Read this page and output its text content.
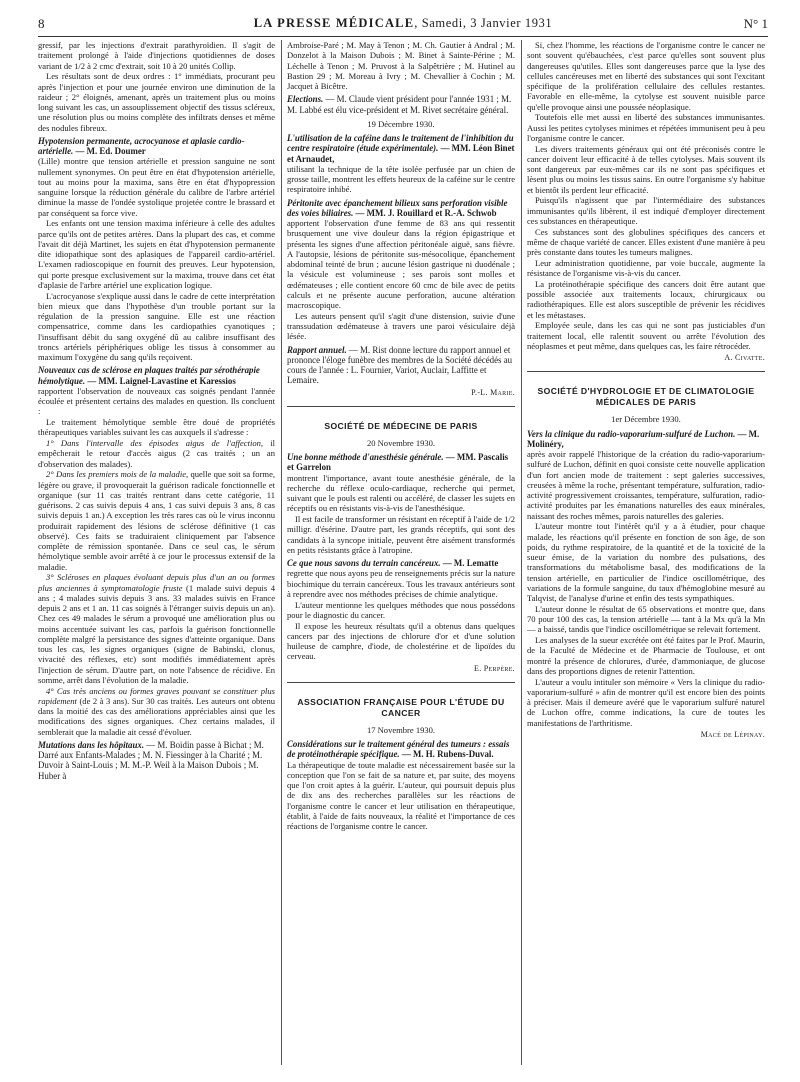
8	LA PRESSE MÉDICALE, Samedi, 3 Janvier 1931	N° 1

gressif, par les injections d'extrait parathyroïdien. Il s'agit de traitement prolongé à l'aide d'injections quotidiennes de doses variant de 1/2 à 2 cmc d'extrait, soit 10 à 20 unités Collip.

Les résultats sont de deux ordres : 1° immédiats, procurant peu après l'injection et pour une journée environ une diminution de la raideur ; 2° éloignés, amenant, après un traitement plus ou moins long suivant les cas, un assouplissement objectif des tissus scléreux, une résolution plus ou moins complète des infiltrats denses et même des nodules fibreux.

Hypotension permanente, acrocyanose et aplasie cardio-artérielle. — M. Ed. Doumer

(Lille) montre que tension artérielle et pression sanguine ne sont nullement synonymes. On peut être en état d'hypotension artérielle, tout au moins pour la maxima, sans être en état d'hypopression sanguine lorsque la réduction générale du calibre de l'arbre artériel diminue la masse de l'ondée systolique projetée contre le brassard et par conséquent sa force vive.

Les enfants ont une tension maxima inférieure à celle des adultes parce qu'ils ont de petites artères. Dans la plupart des cas, et comme l'avait dit déjà Martinet, les sujets en état d'hypotension permanente dite idiopathique sont des aplasiques de l'appareil cardio-artériel. L'examen radioscopique en fournit des preuves. Leur hypotension, qui porte presque exclusivement sur la maxima, trouve dans cet état d'aplasie de l'arbre artériel une explication logique.

L'acrocyanose s'explique aussi dans le cadre de cette interprétation bien mieux que dans l'hypothèse d'un trouble portant sur la régulation de la pression sanguine. Elle est une réaction compensatrice, comme dans les cardiopathies cyanotiques ; l'insuffisant débit du sang oxygéné dû au calibre insuffisant des troncs artériels périphériques oblige les tissus à consommer au maximum l'oxygène du sang qu'ils reçoivent.

Nouveaux cas de sclérose en plaques traités par sérothérapie hémolytique. — MM. Laignel-Lavastine et Karessios

rapportent l'observation de nouveaux cas soignés pendant l'année écoulée et présentent certains des malades en question. Ils concluent :

Le traitement hémolytique semble être doué de propriétés thérapeutiques variables suivant les cas auxquels il s'adresse :

1° Dans l'intervalle des épisodes aigus de l'affection, il empêcherait le retour d'accès aigus (2 cas traités ; un an d'observation des malades).

2° Dans les premiers mois de la maladie, quelle que soit sa forme, légère ou grave, il provoquerait la guérison radicale fonctionnelle et organique (sur 11 cas traités rentrant dans cette catégorie, 11 guérisons. 2 cas suivis depuis 4 ans, 1 cas suivi depuis 3 ans, 8 cas suivis depuis 1 an.) A exception les très rares cas où le virus inconnu produirait rapidement des lésions de sclérose définitive (1 cas observé). Ces faits se traduiraient cliniquement par l'absence complète de rémission spontanée. Dans ce seul cas, le sérum hémolytique semble avoir arrêté à ce jour le processus extensif de la maladie.

3° Scléroses en plaques évoluant depuis plus d'un an ou formes plus anciennes à symptomatologie fruste (1 malade suivi depuis 4 ans ; 4 malades suivis depuis 3 ans. 33 malades suivis en France depuis 2 ans et 1 an. 11 cas soignés à l'étranger suivis depuis un an). Chez ces 49 malades le sérum a provoqué une amélioration plus ou moins accentuée suivant les cas, parfois la guérison fonctionnelle complète malgré la persistance des signes d'atteinte organique. Dans tous les cas, les signes organiques (signe de Babinski, clonus, vivacité des réflexes, etc) sont modifiés immédiatement après l'injection de sérum. D'autre part, on note l'absence de récidive. En somme, arrêt dans l'évolution de la maladie.

4° Cas très anciens ou formes graves pouvant se constituer plus rapidement (de 2 à 3 ans). Sur 30 cas traités. Les auteurs ont obtenu dans la moitié des cas des améliorations appréciables ainsi que les modifications des signes organiques. Chez certains malades, il semblerait que la maladie ait cessé d'évoluer.

Mutations dans les hôpitaux. — M. Boidin passe à Bichat ; M. Darré aux Enfants-Malades ; M. N. Fiessinger à la Charité ; M. Duvoir à Saint-Louis ; M. M.-P. Weil à la Maison Dubois ; M. Huber à

Ambroise-Paré ; M. May à Tenon ; M. Ch. Gautier à Andral ; M. Donzelot à la Maison Dubois ; M. Binet à Sainte-Périne ; M. Léchelle à Tenon ; M. Pruvost à la Salpêtrière ; M. Hutinel au Bastion 29 ; M. Moreau à Ivry ; M. Chevallier à Cochin ; M. Jacquet à Bicêtre.

Elections. — M. Claude vient président pour l'année 1931 ; M. M. Labbé est élu vice-président et M. Rivet secrétaire général.

19 Décembre 1930.

L'utilisation de la caféine dans le traitement de l'inhibition du centre respiratoire (étude expérimentale). — MM. Léon Binet et Arnaudet,

utilisant la technique de la tête isolée perfusée par un chien de grosse taille, montrent les effets heureux de la caféine sur le centre respiratoire inhibé.

Péritonite avec épanchement bilieux sans perforation visible des voies biliaires. — MM. J. Rouillard et R.-A. Schwob

apportent l'observation d'une femme de 83 ans qui ressentit brusquement une vive douleur dans la région épigastrique et présenta les signes d'une affection péritonéale aiguë, sans fièvre. A l'autopsie, lésions de péritonite sus-mésocolique, épanchement abdominal teinté de brun ; aucune lésion gastrique ni duodénale ; la vésicule est volumineuse ; ses parois sont molles et œdémateuses ; elle contient encore 60 cmc de bile avec de petits calculs et ne présente aucune perforation, aucune altération macroscopique.

Les auteurs pensent qu'il s'agit d'une distension, suivie d'une transsudation œdémateuse à travers une paroi vésiculaire déjà lésée.

Rapport annuel. — M. Rist donne lecture du rapport annuel et prononce l'éloge funèbre des membres de la Société décédés au cours de l'année : L. Fournier, Variot, Auclair, Laffitte et Lemaire.

P.-L. Marie.

SOCIÉTÉ DE MÉDECINE DE PARIS

20 Novembre 1930.

Une bonne méthode d'anesthésie générale. — MM. Pascalis et Garrelon

montrent l'importance, avant toute anesthésie générale, de la recherche du réflexe oculo-cardiaque, recherche qui permet, suivant que le pouls est ralenti ou accéléré, de classer les sujets en réceptifs ou en résistants vis-à-vis de l'anesthésique.

Il est facile de transformer un résistant en réceptif à l'aide de 1/2 milligr. d'ésérine. D'autre part, les grands réceptifs, qui sont des candidats à la syncope initiale, peuvent être aisément transformés en petits résistants grâce à l'atropine.

Ce que nous savons du terrain cancéreux. — M. Lematte

regrette que nous ayons peu de renseignements précis sur la nature biochimique du terrain cancéreux. Tous les travaux antérieurs sont à reprendre avec nos méthodes précises de chimie analytique.

L'auteur mentionne les quelques méthodes que nous possédons pour le diagnostic du cancer.

Il expose les heureux résultats qu'il a obtenus dans quelques cancers par des injections de chlorure d'or et d'une solution huileuse de camphre, d'iode, de cholestérine et de lipoïdes du cerveau.

E. Perpère.

ASSOCIATION FRANÇAISE POUR L'ÉTUDE DU CANCER

17 Novembre 1930.

Considérations sur le traitement général des tumeurs : essais de protéinothérapie spécifique. — M. H. Rubens-Duval.

La thérapeutique de toute maladie est nécessairement basée sur la conception que l'on se fait de sa nature et, par suite, des moyens que l'on croit aptes à la guérir. L'auteur, qui poursuit depuis plus de dix ans des recherches parallèles sur les réactions de l'organisme contre le cancer et leur utilisation en thérapeutique, établit, à l'aide de faits nouveaux, la réalité et l'importance de ces réactions de l'organisme contre le cancer.

Si, chez l'homme, les réactions de l'organisme contre le cancer ne sont souvent qu'ébauchées, c'est parce qu'elles sont souvent plus dangereuses qu'utiles. Elles sont dangereuses parce que la lyse des cellules cancéreuses met en liberté des substances qui sont l'excitant spécifique de la prolifération cellulaire des cellules restantes. Favorable en elle-même, la cytolyse est souvent nuisible parce qu'elle provoque ainsi une poussée néoplasique.

Toutefois elle met aussi en liberté des substances immunisantes. Aussi les petites cytolyses minimes et répétées immunisent peu à peu l'organisme contre le cancer.

Les divers traitements généraux qui ont été préconisés contre le cancer doivent leur efficacité à de telles cytolyses. Mais souvent ils sont dangereux par eux-mêmes car ils ne sont pas spécifiques et lèsent plus ou moins les tissus sains. En outre l'organisme s'y habitue et bientôt ils perdent leur efficacité.

Puisqu'ils n'agissent que par l'intermédiaire des substances immunisantes qu'ils libèrent, il est indiqué d'employer directement ces substances en thérapeutique.

Ces substances sont des globulines spécifiques des cancers et même de chaque variété de cancer. Elles existent d'une manière à peu près constante dans toutes les tumeurs malignes.

Leur administration quotidienne, par voie buccale, augmente la résistance de l'organisme vis-à-vis du cancer.

La protéinothérapie spécifique des cancers doit être autant que possible associée aux traitements locaux, chirurgicaux ou radiothérapiques. Elle est alors susceptible de prévenir les récidives et les métastases.

Employée seule, dans les cas qui ne sont pas justiciables d'un traitement local, elle ralentit souvent ou arrête l'évolution des néoplasmes et peut même, dans quelques cas, les faire rétrocéder.

A. Civatte.

SOCIÉTÉ D'HYDROLOGIE ET DE CLIMATOLOGIE MÉDICALES DE PARIS

1er Décembre 1930.

Vers la clinique du radio-vaporarium-sulfuré de Luchon. — M. Molinéry,

après avoir rappelé l'historique de la création du radio-vaporarium-sulfuré de Luchon, définit en quoi consiste cette nouvelle application d'un fort ancien mode de traitement : sept galeries successives, creusées à même la roche, présentant température, sulfuration, radio-activité progressivement croissantes, température, sulfuration, radio-activité produites par les émanations naturelles des eaux minérales, naissant des roches mêmes, parois naturelles des galeries.

L'auteur montre tout l'intérêt qu'il y a à étudier, pour chaque malade, les réactions qu'il présente en fonction de son âge, de son poids, du rythme respiratoire, de la quantité et de la toxicité de la sueur émise, de la variation du nombre des pulsations, des transformations du métabolisme basal, des modifications de la tension artérielle, en particulier de l'indice oscillométrique, des variations de la formule sanguine, du taux d'hémoglobine mesuré au Talqvist, de l'analyse d'urine et enfin des tests sympathiques.

L'auteur donne le résultat de 65 observations et montre que, dans 70 pour 100 des cas, la tension artérielle — tant à la Mx qu'à la Mn — a baissé, tandis que l'indice oscillométrique se relevait fortement.

Les analyses de la sueur excrétée ont été faites par le Prof. Maurin, de la Faculté de Médecine et de Pharmacie de Toulouse, et ont montré la présence de chlorures, d'urée, d'ammoniaque, de glucose dans des proportions dignes de retenir l'attention.

L'auteur a voulu intituler son mémoire « Vers la clinique du radio-vaporarium-sulfuré » afin de montrer qu'il est encore bien des points à préciser. Mais il demeure avéré que le vaporarium sulfuré naturel de Luchon offre, comme indications, la cure de toutes les manifestations de l'arthritisme.

Macé de Lépinay.
